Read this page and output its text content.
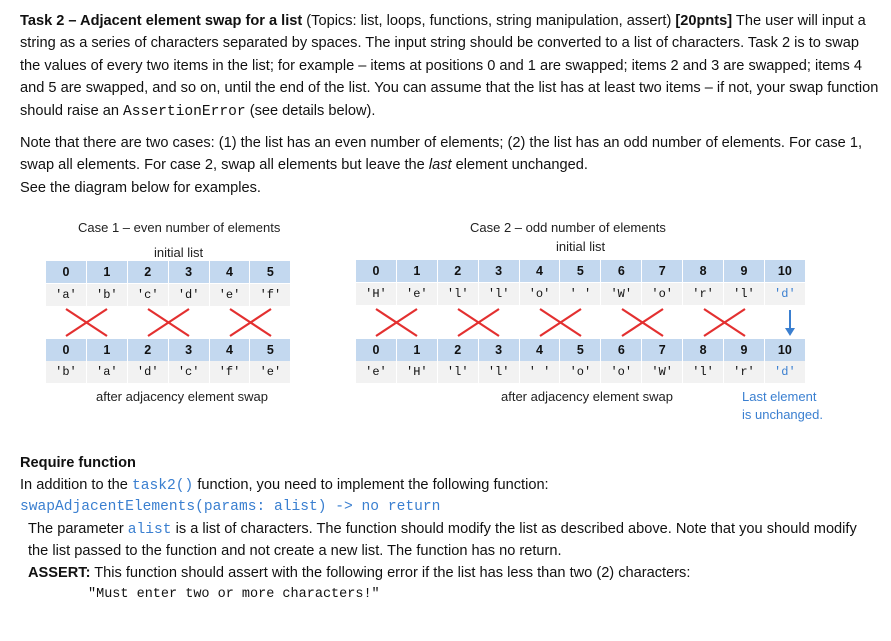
Task 2 – Adjacent element swap for a list (Topics: list, loops, functions, string manipulation, assert) [20pnts] The user will input a string as a series of characters separated by spaces. The input string should be converted to a list of characters. Task 2 is to swap the values of every two items in the list; for example – items at positions 0 and 1 are swapped; items 2 and 3 are swapped; items 4 and 5 are swapped, and so on, until the end of the list. You can assume that the list has at least two items – if not, your swap function should raise an AssertionError (see details below).

Note that there are two cases: (1) the list has an even number of elements; (2) the list has an odd number of elements. For case 1, swap all elements. For case 2, swap all elements but leave the last element unchanged.

See the diagram below for examples.

Case 1 – even number of elements
initial list
Case 2 – odd number of elements
initial list
0	1	2	3	4	5
'a'	'b'	'c'	'd'	'e'	'f'
0	1	2	3	4	5
'b'	'a'	'd'	'c'	'f'	'e'
0	1	2	3	4	5	6	7	8	9	10
'H'	'e'	'l'	'l'	'o'	' '	'W'	'o'	'r'	'l'	'd'
0	1	2	3	4	5	6	7	8	9	10
'e'	'H'	'l'	'l'	' '	'o'	'o'	'W'	'l'	'r'	'd'
after adjacency element swap	after adjacency element swap	Last element
is unchanged.

Require function

In addition to the task2() function, you need to implement the following function:

swapAdjacentElements(params: alist) -> no return

The parameter alist is a list of characters. The function should modify the list as described above. Note that you should modify the list passed to the function and not create a new list. The function has no return.

ASSERT: This function should assert with the following error if the list has less than two (2) characters:

"Must enter two or more characters!"
